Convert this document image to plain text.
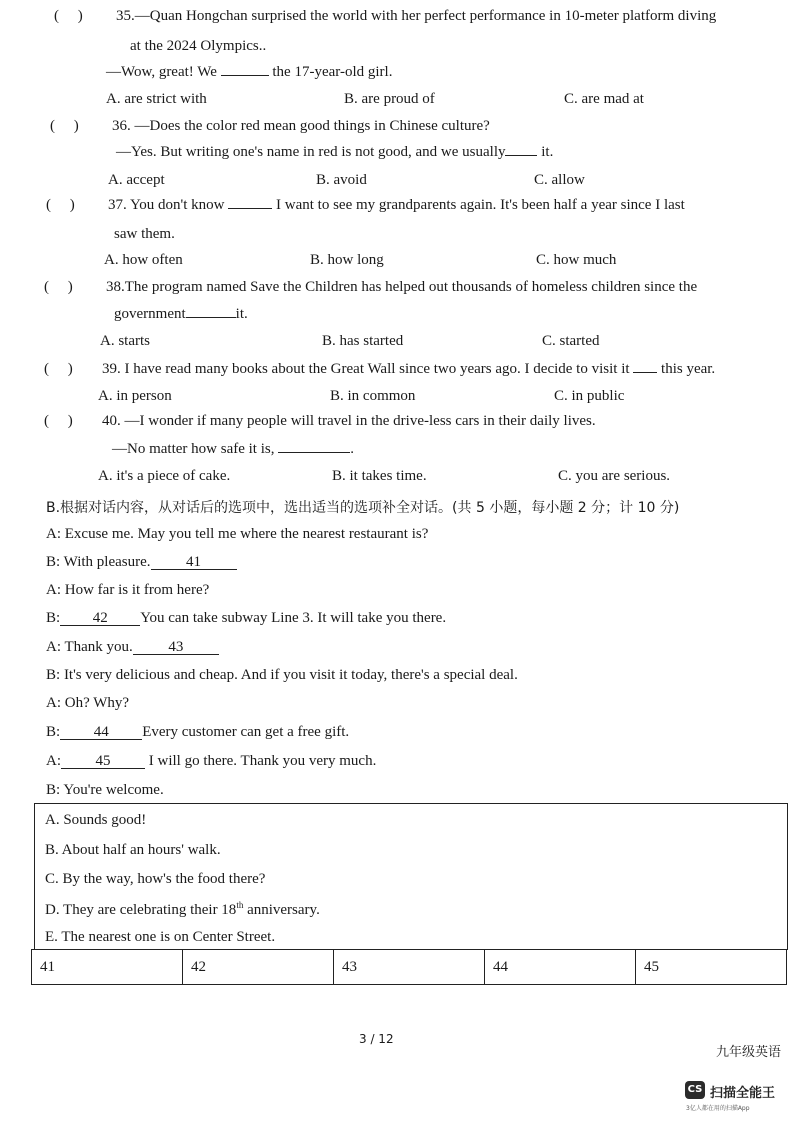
(     ) 35.—Quan Hongchan surprised the world with her perfect performance in 10-meter platform diving
at the 2024 Olympics..
—Wow, great! We	the 17-year-old girl.
A. are strict with	B. are proud of	C. are mad at
(     ) 36. —Does the color red mean good things in Chinese culture?
—Yes. But writing one's name in red is not good, and we usually it.
A. accept	B. avoid	C. allow
(     ) 37. You don't know	I want to see my grandparents again. It's been half a year since I last
saw them.
A. how often	B. how long	C. how much
(     ) 38.The program named Save the Children has helped out thousands of homeless children since the
government	it.
A. starts	B. has started	C. started
(     ) 39. I have read many books about the Great Wall since two years ago. I decide to visit it  this year.
A. in person	B. in common	C. in public
(     ) 40. —I wonder if many people will travel in the drive-less cars in their daily lives.
—No matter how safe it is,	.
A. it's a piece of cake.	B. it takes time.	C. you are serious.
B.根据对话内容，从对话后的选项中，选出适当的选项补全对话。(共 5 小题，每小题 2 分；计 10 分)
A: Excuse me. May you tell me where the nearest restaurant is?
B: With pleasure. 41
A: How far is it from here?
B: 42 You can take subway Line 3. It will take you there.
A: Thank you. 43
B: It's very delicious and cheap. And if you visit it today, there's a special deal.
A: Oh? Why?
B: 44 Every customer can get a free gift.
A: 45 I will go there. Thank you very much.
B: You're welcome.
A. Sounds good!
B. About half an hours' walk.
C. By the way, how's the food there?
D. They are celebrating their 18th anniversary.
E. The nearest one is on Center Street.
41	42	43	44	45
3 / 12
九年级英语
CS 扫描全能王
3亿人都在用的扫描App
